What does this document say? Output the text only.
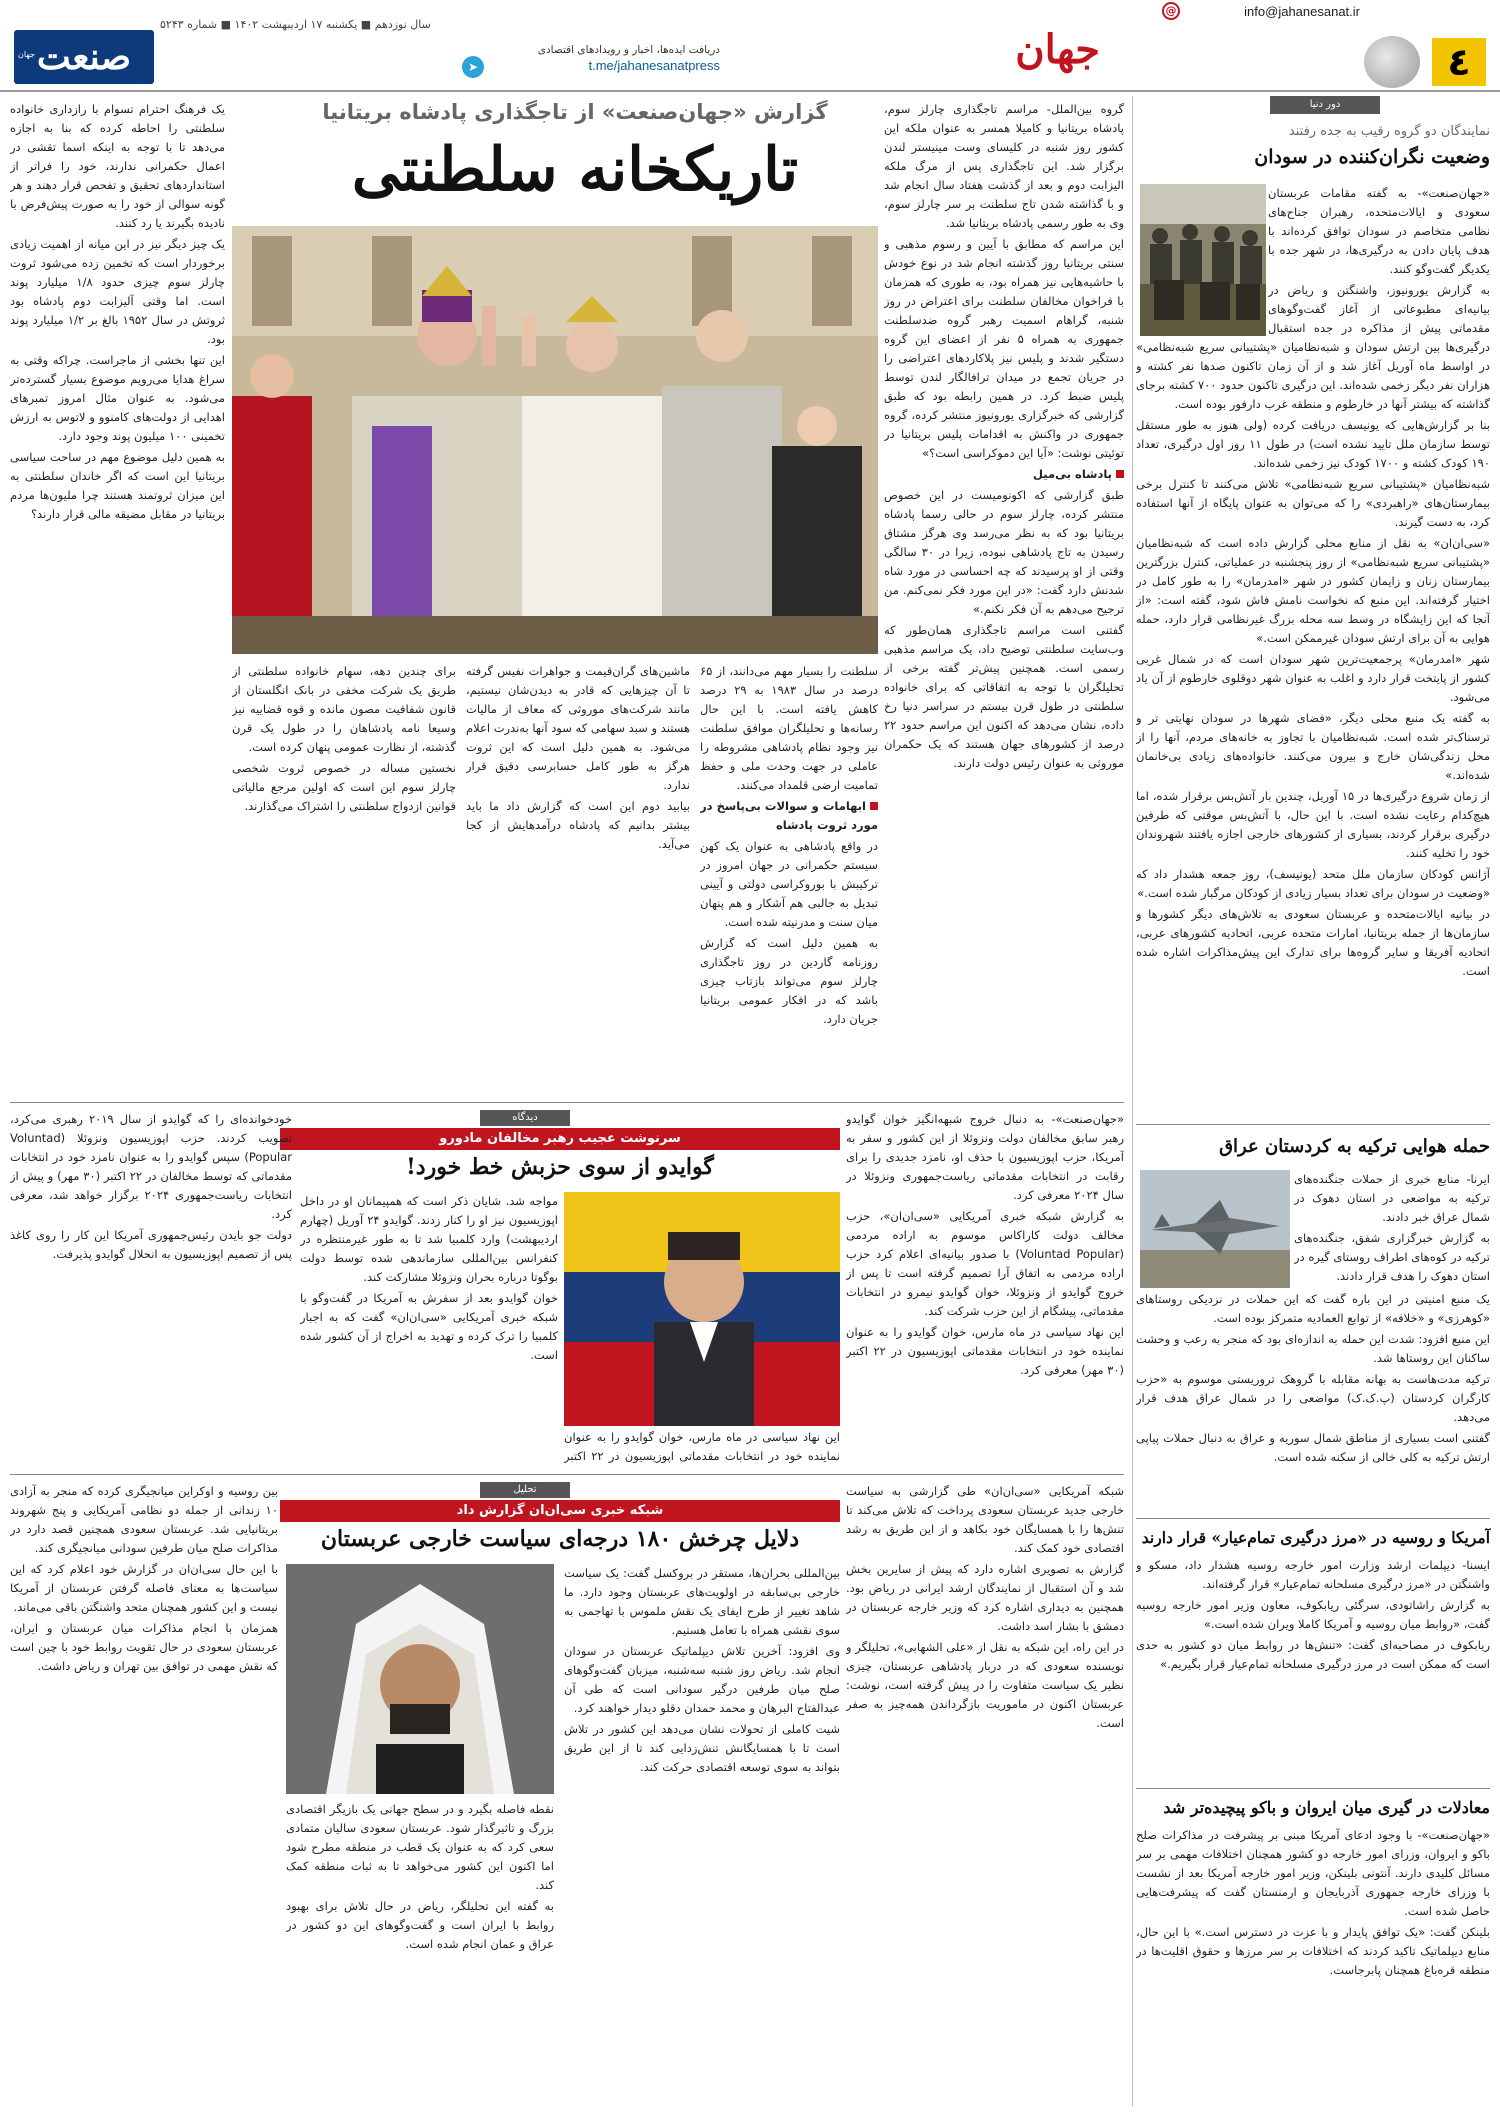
٤
@	info@jahanesanat.ir
جهان
➤
دریافت ایده‌ها، اخبار و رویدادهای اقتصادی
t.me/jahanesanatpress
سال نوزدهم ■ یکشنبه ۱۷ اردیبهشت ۱۴۰۲ ■ شماره ۵۲۴۳
صنعت
جهان
دور دنیا
نمایندگان دو گروه رقیب به جده رفتند
وضعیت نگران‌کننده در سودان

«جهان‌صنعت»- به گفته مقامات عربستان سعودی و ایالات‌متحده، رهبران جناح‌های نظامی متخاصم در سودان توافق کرده‌اند با هدف پایان دادن به درگیری‌ها، در شهر جده با یکدیگر گفت‌وگو کنند.

به گزارش یورونیوز، واشنگتن و ریاض در بیانیه‌ای مطبوعاتی از آغاز گفت‌وگوهای مقدماتی پیش از مذاکره در جده استقبال

درگیری‌ها بین ارتش سودان و شبه‌نظامیان «پشتیبانی سریع شبه‌نظامی» در اواسط ماه آوریل آغاز شد و از آن زمان تاکنون صدها نفر کشته و هزاران نفر دیگر زخمی شده‌اند. این درگیری تاکنون حدود ۷۰۰ کشته برجای گذاشته که بیشتر آنها در خارطوم و منطقه غرب دارفور بوده است.

بنا بر گزارش‌هایی که یونیسف دریافت کرده (ولی هنوز به طور مستقل توسط سازمان ملل تایید نشده است) در طول ۱۱ روز اول درگیری، تعداد ۱۹۰ کودک کشته و ۱۷۰۰ کودک نیز زخمی شده‌اند.

شبه‌نظامیان «پشتیبانی سریع شبه‌نظامی» تلاش می‌کنند تا کنترل برخی بیمارستان‌های «راهبردی» را که می‌توان به عنوان پایگاه از آنها استفاده کرد، به دست گیرند.

«سی‌ان‌ان» به نقل از منابع محلی گزارش داده است که شبه‌نظامیان «پشتیبانی سریع شبه‌نظامی» از روز پنجشنبه در عملیاتی، کنترل بزرگترین بیمارستان زنان و زایمان کشور در شهر «امدرمان» را به طور کامل در اختیار گرفته‌اند. این منبع که نخواست نامش فاش شود، گفته است: «از آنجا که این زایشگاه در وسط سه محله بزرگ غیرنظامی قرار دارد، حمله هوایی به آن برای ارتش سودان غیرممکن است.»

شهر «امدرمان» پرجمعیت‌ترین شهر سودان است که در شمال غربی کشور از پایتخت قرار دارد و اغلب به عنوان شهر دوقلوی خارطوم از آن یاد می‌شود.

به گفته یک منبع محلی دیگر، «فضای شهرها در سودان نهایتی تر و ترسناک‌تر شده است. شبه‌نظامیان با تجاوز به خانه‌های مردم، آنها را از محل زندگی‌شان خارج و بیرون می‌کنند. خانواده‌های زیادی بی‌خانمان شده‌اند.»

از زمان شروع درگیری‌ها در ۱۵ آوریل، چندین بار آتش‌بس برقرار شده، اما هیچ‌کدام رعایت نشده است. با این حال، با آتش‌بس موقتی که طرفین درگیری برقرار کردند، بسیاری از کشورهای خارجی اجازه یافتند شهروندان خود را تخلیه کنند.

آژانس کودکان سازمان ملل متحد (یونیسف)، روز جمعه هشدار داد که «وضعیت در سودان برای تعداد بسیار زیادی از کودکان مرگبار شده است.»

در بیانیه ایالات‌متحده و عربستان سعودی به تلاش‌های دیگر کشورها و سازمان‌ها از جمله بریتانیا، امارات متحده عربی، اتحادیه کشورهای عربی، اتحادیه آفریقا و سایر گروه‌ها برای تدارک این پیش‌مذاکرات اشاره شده است.

حمله هوایی ترکیه به کردستان عراق

ایرنا- منابع خبری از حملات جنگنده‌های ترکیه به مواضعی در استان دهوک در شمال عراق خبر دادند.

به گزارش خبرگزاری شفق، جنگنده‌های ترکیه در کوه‌های اطراف روستای گیره در استان دهوک را هدف قرار دادند.

یک منبع امنیتی در این باره گفت که این حملات در نزدیکی روستاهای «کوهرزی» و «خلافه» از توابع العمادیه متمرکز بوده است.

این منبع افزود: شدت این حمله به اندازه‌ای بود که منجر به رعب و وحشت ساکنان این روستاها شد.

ترکیه مدت‌هاست به بهانه مقابله با گروهک تروریستی موسوم به «حزب کارگران کردستان (پ.ک.ک) مواضعی را در شمال عراق هدف قرار می‌دهد.

گفتنی است بسیاری از مناطق شمال سوریه و عراق به دنبال حملات پیاپی ارتش ترکیه به کلی خالی از سکنه شده است.

آمریکا و روسیه در «مرز درگیری تمام‌عیار» قرار دارند

ایسنا- دیپلمات ارشد وزارت امور خارجه روسیه هشدار داد، مسکو و واشنگتن در «مرز درگیری مسلحانه تمام‌عیار» قرار گرفته‌اند.

به گزارش راشاتودی، سرگئی ریابکوف، معاون وزیر امور خارجه روسیه گفت، «روابط میان روسیه و آمریکا کاملا ویران شده است.»

ریابکوف در مصاحبه‌ای گفت: «تنش‌ها در روابط میان دو کشور به حدی است که ممکن است در مرز درگیری مسلحانه تمام‌عیار قرار بگیریم.»

معادلات در گیری میان ایروان و باکو پیچیده‌تر شد

«جهان‌صنعت»- با وجود ادعای آمریکا مبنی بر پیشرفت در مذاکرات صلح باکو و ایروان، وزرای امور خارجه دو کشور همچنان اختلافات مهمی بر سر مسائل کلیدی دارند. آنتونی بلینکن، وزیر امور خارجه آمریکا بعد از نشست با وزرای خارجه جمهوری آذربایجان و ارمنستان گفت که پیشرفت‌هایی حاصل شده است.

بلینکن گفت: «یک توافق پایدار و با عزت در دسترس است.» با این حال، منابع دیپلماتیک تاکید کردند که اختلافات بر سر مرزها و حقوق اقلیت‌ها در منطقه قره‌باغ همچنان پابرجاست.

گزارش «جهان‌صنعت» از تاجگذاری پادشاه بریتانیا
تاریکخانه سلطنتی

یک فرهنگ احترام تسوام با رازداری خانواده سلطنتی را احاطه کرده که بنا به اجازه می‌دهد تا با توجه به اینکه اسما تقشی در اعمال حکمرانی ندارند، خود را فراتر از استانداردهای تحقیق و تفحص قرار دهند و هر گونه سوالی از خود را به صورت پیش‌فرض با نادیده بگیرند یا رد کنند.

یک چیز دیگر نیز در این میانه از اهمیت زیادی برخوردار است که تخمین زده می‌شود ثروت چارلز سوم چیزی حدود ۱/۸ میلیارد پوند است. اما وقتی آلیزابت دوم پادشاه بود ثروتش در سال ۱۹۵۲ بالغ بر ۱/۲ میلیارد پوند بود.

این تنها بخشی از ماجراست. چراکه وقتی به سراغ هدایا می‌رویم موضوع بسیار گسترده‌تر می‌شود. به عنوان مثال امروز تمبرهای اهدایی از دولت‌های کامنوو و لاتوس به ارزش تخمینی ۱۰۰ میلیون پوند وجود دارد.

به همین دلیل موضوع مهم در ساحت سیاسی بریتانیا این است که اگر خاندان سلطنتی به این میزان ثروتمند هستند چرا ملیون‌ها مردم بریتانیا در مقابل مضیقه مالی قرار دارند؟

گروه بین‌الملل- مراسم تاجگذاری چارلز سوم، پادشاه بریتانیا و کامیلا همسر به عنوان ملکه این کشور روز شنبه در کلیسای وست مینیستر لندن برگزار شد. این تاجگذاری پس از مرگ ملکه الیزابت دوم و بعد از گذشت هفتاد سال انجام شد و با گذاشته شدن تاج سلطنت بر سر چارلز سوم، وی به طور رسمی پادشاه بریتانیا شد.

این مراسم که مطابق با آیین و رسوم مذهبی و سنتی بریتانیا روز گذشته انجام شد در نوع خودش با حاشیه‌هایی نیز همراه بود، به طوری که همزمان با فراخوان مخالفان سلطنت برای اعتراض در روز شنبه، گراهام اسمیت رهبر گروه ضدسلطنت جمهوری به همراه ۵ نفر از اعضای این گروه دستگیر شدند و پلیس نیز پلاکاردهای اعتراضی را در جریان تجمع در میدان ترافالگار لندن توسط پلیس ضبط کرد. در همین رابطه بود که طبق گزارشی که خبرگزاری یورونیوز منتشر کرده، گروه جمهوری در واکنش به اقدامات پلیس بریتانیا در توئیتی نوشت: «آیا این دموکراسی است؟»

پادشاه بی‌میل

طبق گزارشی که اکونومیست در این خصوص منتشر کرده، چارلز سوم در حالی رسما پادشاه بریتانیا بود که به نظر می‌رسد وی هرگز مشتاق رسیدن به تاج پادشاهی نبوده، زیرا در ۳۰ سالگی وقتی از او پرسیدند که چه احساسی در مورد شاه شدنش دارد گفت: «در این مورد فکر نمی‌کنم. من ترجیح می‌دهم به آن فکر نکنم.»

گفتنی است مراسم تاجگذاری همان‌طور که وب‌سایت سلطنتی توضیح داد، یک مراسم مذهبی رسمی است. همچنین پیش‌تر گفته برخی از تحلیلگران با توجه به اتفاقاتی که برای خانواده سلطنتی در طول قرن بیستم در سراسر دنیا رخ داده، نشان می‌دهد که اکنون این مراسم حدود ۲۲ درصد از کشورهای جهان هستند که یک حکمران موروثی به عنوان رئیس دولت دارند.

سلطنت را بسیار مهم می‌دانند، از ۶۵ درصد در سال ۱۹۸۳ به ۲۹ درصد کاهش یافته است. با این حال رسانه‌ها و تحلیلگران موافق سلطنت نیز وجود نظام پادشاهی مشروطه را عاملی در جهت وحدت ملی و حفظ تمامیت ارضی قلمداد می‌کنند.

ابهامات و سوالات بی‌پاسخ در مورد ثروت پادشاه

در واقع پادشاهی به عنوان یک کهن سیستم حکمرانی در جهان امروز در ترکیبش با بوروکراسی دولتی و آیینی تبدیل به جالبی هم آشکار و هم پنهان میان سنت و مدرنیته شده است.

به همین دلیل است که گزارش روزنامه گاردین در روز تاجگذاری چارلز سوم می‌تواند بازتاب چیزی باشد که در افکار عمومی بریتانیا جریان دارد.

ماشین‌های گران‌قیمت و جواهرات نفیس گرفته تا آن چیزهایی که قادر به دیدن‌شان نیستیم، مانند شرکت‌های موروثی که معاف از مالیات هستند و سبد سهامی که سود آنها به‌ندرت اعلام می‌شود. به همین دلیل است که این ثروت هرگز به طور کامل حسابرسی دقیق قرار ندارد.

بیابید دوم این است که گزارش داد ما باید بیشتر بدانیم که پادشاه درآمدهایش از کجا می‌آید.

برای چندین دهه، سهام خانواده سلطنتی از طریق یک شرکت مخفی در بانک انگلستان از قانون شفافیت مصون مانده و قوه قضاییه نیز وسیعا نامه پادشاهان را در طول یک قرن گذشته، از نظارت عمومی پنهان کرده است.

نخستین مساله در خصوص ثروت شخصی چارلز سوم این است که اولین مرجع مالیاتی قوانین ازدواج سلطنتی را اشتراک می‌گذارند.

دیدگاه
سرنوشت عجیب رهبر مخالفان مادورو
گوایدو از سوی حزبش خط خورد!

«جهان‌صنعت»- به دنبال خروج شبهه‌انگیز خوان گوایدو رهبر سابق مخالفان دولت ونزوئلا از این کشور و سفر به آمریکا، حزب اپوزیسیون با حذف او، نامزد جدیدی را برای رقابت در انتخابات مقدماتی ریاست‌جمهوری ونزوئلا در سال ۲۰۲۴ معرفی کرد.

به گزارش شبکه خبری آمریکایی «سی‌ان‌ان»، حزب مخالف دولت کاراکاس موسوم به اراده مردمی (Voluntad Popular) با صدور بیانیه‌ای اعلام کرد حزب اراده مردمی به اتفاق آرا تصمیم گرفته است تا پس از خروج گوایدو از ونزوئلا، خوان گوایدو نیمرو در انتخابات مقدماتی، پیشگام از این حزب شرکت کند.

این نهاد سیاسی در ماه مارس، خوان گوایدو را به عنوان نماینده خود در انتخابات مقدماتی اپوزیسیون در ۲۲ اکتبر (۳۰ مهر) معرفی کرد.

این نهاد سیاسی در ماه مارس، خوان گوایدو را به عنوان نماینده خود در انتخابات مقدماتی اپوزیسیون در ۲۲ اکتبر

مواجه شد. شایان ذکر است که همپیمانان او در داخل اپوزیسیون نیز او را کنار زدند. گوایدو ۲۴ آوریل (چهارم اردیبهشت) وارد کلمبیا شد تا به طور غیرمنتظره در کنفرانس بین‌المللی سازماندهی شده توسط دولت بوگوتا درباره بحران ونزوئلا مشارکت کند.

خوان گوایدو بعد از سفرش به آمریکا در گفت‌وگو با شبکه خبری آمریکایی «سی‌ان‌ان» گفت که به اجبار کلمبیا را ترک کرده و تهدید به اخراج از آن کشور شده است.

خودخوانده‌ای را که گوایدو از سال ۲۰۱۹ رهبری می‌کرد، تصویب کردند. حزب اپوزیسیون ونزوئلا (Voluntad Popular) سپس گوایدو را به عنوان نامزد خود در انتخابات مقدماتی که توسط مخالفان در ۲۲ اکتبر (۳۰ مهر) و پیش از انتخابات ریاست‌جمهوری ۲۰۲۴ برگزار خواهد شد، معرفی کرد.

دولت جو بایدن رئیس‌جمهوری آمریکا این کار را روی کاغذ پس از تصمیم اپوزیسیون به انحلال گوایدو پذیرفت.

تحلیل
شبکه خبری سی‌ان‌ان گزارش داد
دلایل چرخش ۱۸۰ درجه‌ای سیاست خارجی عربستان

شبکه آمریکایی «سی‌ان‌ان» طی گزارشی به سیاست خارجی جدید عربستان سعودی پرداخت که تلاش می‌کند تا تنش‌ها را با همسایگان خود بکاهد و از این طریق به رشد اقتصادی خود کمک کند.

گزارش به تصویری اشاره دارد که پیش از سایرین بخش شد و آن استقبال از نمایندگان ارشد ایرانی در ریاض بود. همچنین به دیداری اشاره کرد که وزیر خارجه عربستان در دمشق با بشار اسد داشت.

در این راه، این شبکه به نقل از «علی الشهابی»، تحلیلگر و نویسنده سعودی که در دربار پادشاهی عربستان، چیزی نظیر یک سیاست متفاوت را در پیش گرفته است، نوشت: عربستان اکنون در ماموریت بازگرداندن همه‌چیز به صفر است.

بین‌المللی بحران‌ها، مستقر در بروکسل گفت: یک سیاست خارجی بی‌سابقه در اولویت‌های عربستان وجود دارد. ما شاهد تغییر از طرح ایفای یک نقش ملموس با تهاجمی به سوی نقشی همراه با تعامل هستیم.

وی افزود: آخرین تلاش دیپلماتیک عربستان در سودان انجام شد. ریاض روز شنبه سه‌شنبه، میزبان گفت‌وگوهای صلح میان طرفین درگیر سودانی است که طی آن عبدالفتاح البرهان و محمد حمدان دقلو دیدار خواهند کرد.

شیت کاملی از تحولات نشان می‌دهد این کشور در تلاش است تا با همسایگانش تنش‌زدایی کند تا از این طریق بتواند به سوی توسعه اقتصادی حرکت کند.

نقطه فاصله بگیرد و در سطح جهانی یک بازیگر اقتصادی بزرگ و تاثیرگذار شود. عربستان سعودی سالیان متمادی سعی کرد که به عنوان یک قطب در منطقه مطرح شود اما اکنون این کشور می‌خواهد تا به ثبات منطقه کمک کند.

به گفته این تحلیلگر، ریاض در حال تلاش برای بهبود روابط با ایران است و گفت‌وگوهای این دو کشور در عراق و عمان انجام شده است.

بین روسیه و اوکراین میانجیگری کرده که منجر به آزادی ۱۰ زندانی از جمله دو نظامی آمریکایی و پنج شهروند بریتانیایی شد. عربستان سعودی همچنین قصد دارد در مذاکرات صلح میان طرفین سودانی میانجیگری کند.

با این حال سی‌ان‌ان در گزارش خود اعلام کرد که این سیاست‌ها به معنای فاصله گرفتن عربستان از آمریکا نیست و این کشور همچنان متحد واشنگتن باقی می‌ماند.

همزمان با انجام مذاکرات میان عربستان و ایران، عربستان سعودی در حال تقویت روابط خود با چین است که نقش مهمی در توافق بین تهران و ریاض داشت.
